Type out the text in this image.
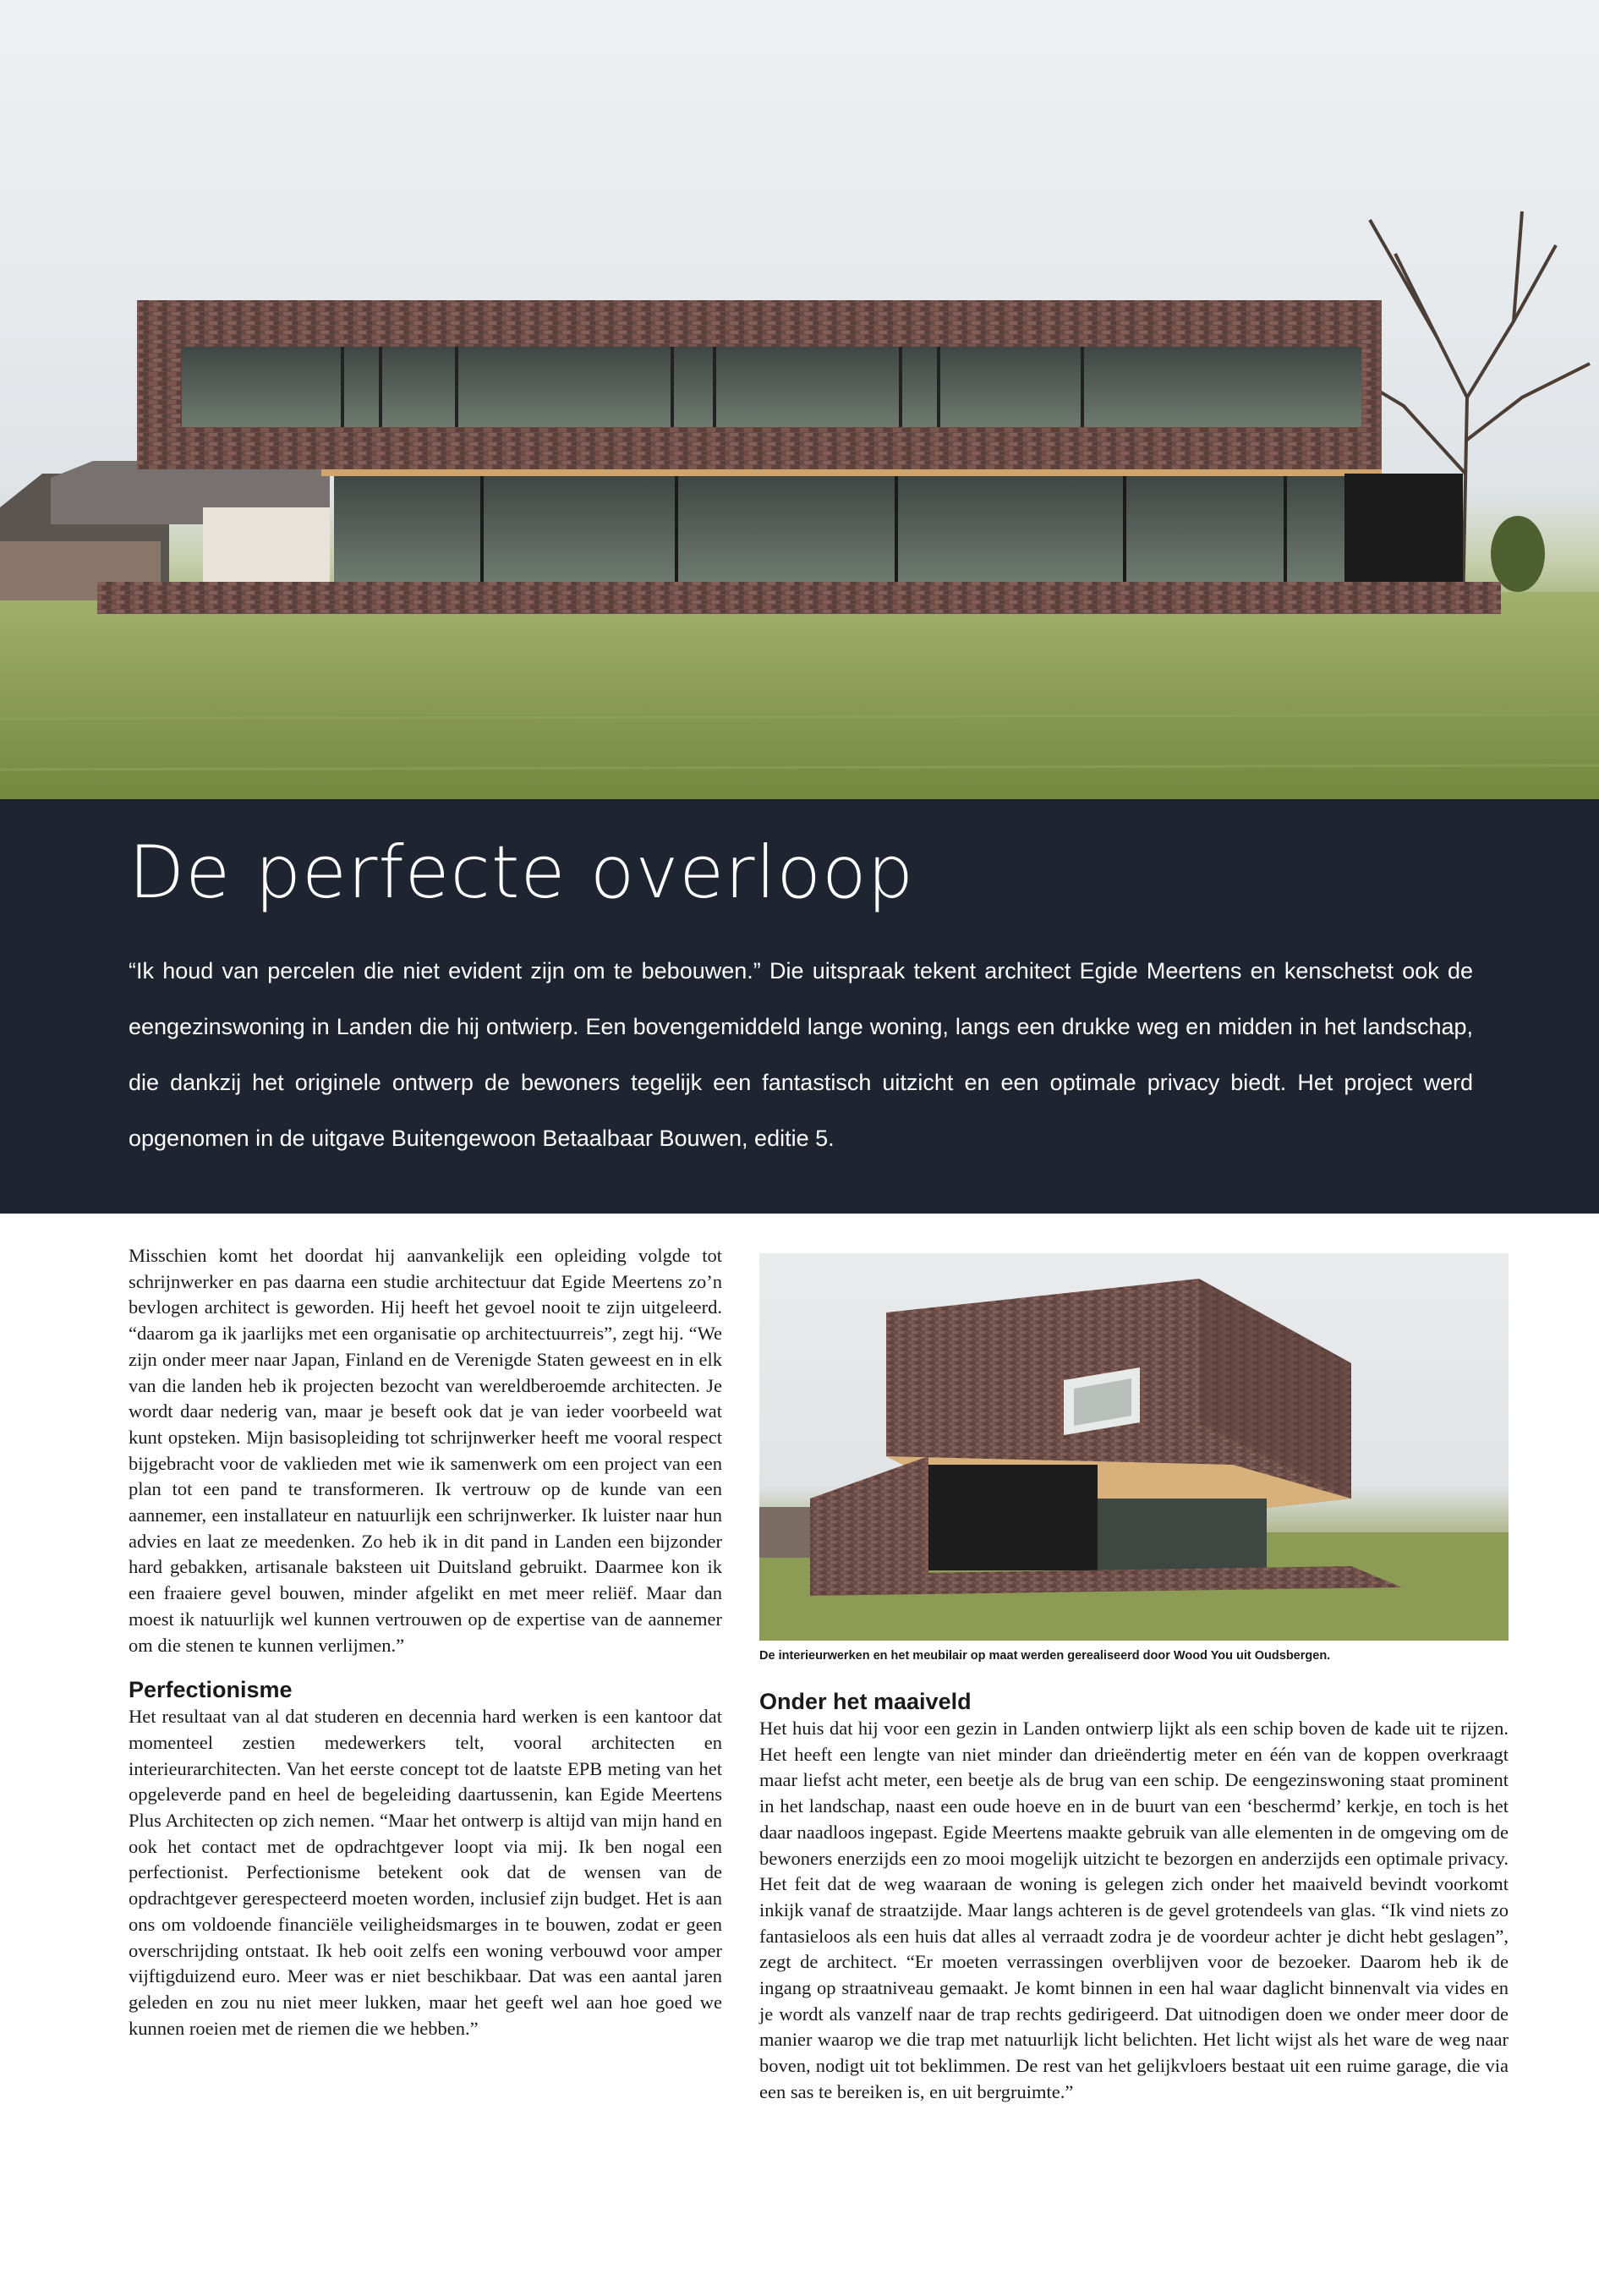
De perfecte overloop

“Ik houd van percelen die niet evident zijn om te bebouwen.” Die uitspraak tekent architect Egide Meertens en kenschetst ook de eengezinswoning in Landen die hij ontwierp. Een bovengemiddeld lange woning, langs een drukke weg en midden in het landschap, die dankzij het originele ontwerp de bewoners tegelijk een fantastisch uitzicht en een optimale privacy biedt. Het project werd opgenomen in de uitgave Buitengewoon Betaalbaar Bouwen, editie 5.

Misschien komt het doordat hij aanvankelijk een opleiding volgde tot schrijnwerker en pas daarna een studie architectuur dat Egide Meertens zo’n bevlogen architect is geworden. Hij heeft het gevoel nooit te zijn uitgeleerd. “daarom ga ik jaarlijks met een organisatie op architectuurreis”, zegt hij. “We zijn onder meer naar Japan, Finland en de Verenigde Staten geweest en in elk van die landen heb ik projecten bezocht van wereldberoemde architecten. Je wordt daar nederig van, maar je beseft ook dat je van ieder voorbeeld wat kunt opsteken. Mijn basisopleiding tot schrijnwerker heeft me vooral respect bijgebracht voor de vaklieden met wie ik samenwerk om een project van een plan tot een pand te transformeren. Ik vertrouw op de kunde van een aannemer, een installateur en natuurlijk een schrijnwerker. Ik luister naar hun advies en laat ze meedenken. Zo heb ik in dit pand in Landen een bijzonder hard gebakken, artisanale baksteen uit Duitsland gebruikt. Daarmee kon ik een fraaiere gevel bouwen, minder afgelikt en met meer reliëf. Maar dan moest ik natuurlijk wel kunnen vertrouwen op de expertise van de aannemer om die stenen te kunnen verlijmen.”

Perfectionisme

Het resultaat van al dat studeren en decennia hard werken is een kantoor dat momenteel zestien medewerkers telt, vooral architecten en interieurarchitecten. Van het eerste concept tot de laatste EPB meting van het opgeleverde pand en heel de begeleiding daartussenin, kan Egide Meertens Plus Architecten op zich nemen. “Maar het ontwerp is altijd van mijn hand en ook het contact met de opdrachtgever loopt via mij. Ik ben nogal een perfectionist. Perfectionisme betekent ook dat de wensen van de opdrachtgever gerespecteerd moeten worden, inclusief zijn budget. Het is aan ons om voldoende financiële veiligheidsmarges in te bouwen, zodat er geen overschrijding ontstaat. Ik heb ooit zelfs een woning verbouwd voor amper vijftigduizend euro. Meer was er niet beschikbaar. Dat was een aantal jaren geleden en zou nu niet meer lukken, maar het geeft wel aan hoe goed we kunnen roeien met de riemen die we hebben.”

De interieurwerken en het meubilair op maat werden gerealiseerd door Wood You uit Oudsbergen.
Onder het maaiveld

Het huis dat hij voor een gezin in Landen ontwierp lijkt als een schip boven de kade uit te rijzen. Het heeft een lengte van niet minder dan drieëndertig meter en één van de koppen overkraagt maar liefst acht meter, een beetje als de brug van een schip. De eengezinswoning staat prominent in het landschap, naast een oude hoeve en in de buurt van een ‘beschermd’ kerkje, en toch is het daar naadloos ingepast. Egide Meertens maakte gebruik van alle elementen in de omgeving om de bewoners enerzijds een zo mooi mogelijk uitzicht te bezorgen en anderzijds een optimale privacy. Het feit dat de weg waaraan de woning is gelegen zich onder het maaiveld bevindt voorkomt inkijk vanaf de straatzijde. Maar langs achteren is de gevel grotendeels van glas. “Ik vind niets zo fantasieloos als een huis dat alles al verraadt zodra je de voordeur achter je dicht hebt geslagen”, zegt de architect. “Er moeten verrassingen overblijven voor de bezoeker. Daarom heb ik de ingang op straatniveau gemaakt. Je komt binnen in een hal waar daglicht binnenvalt via vides en je wordt als vanzelf naar de trap rechts gedirigeerd. Dat uitnodigen doen we onder meer door de manier waarop we die trap met natuurlijk licht belichten. Het licht wijst als het ware de weg naar boven, nodigt uit tot beklimmen. De rest van het gelijkvloers bestaat uit een ruime garage, die via een sas te bereiken is, en uit bergruimte.”
